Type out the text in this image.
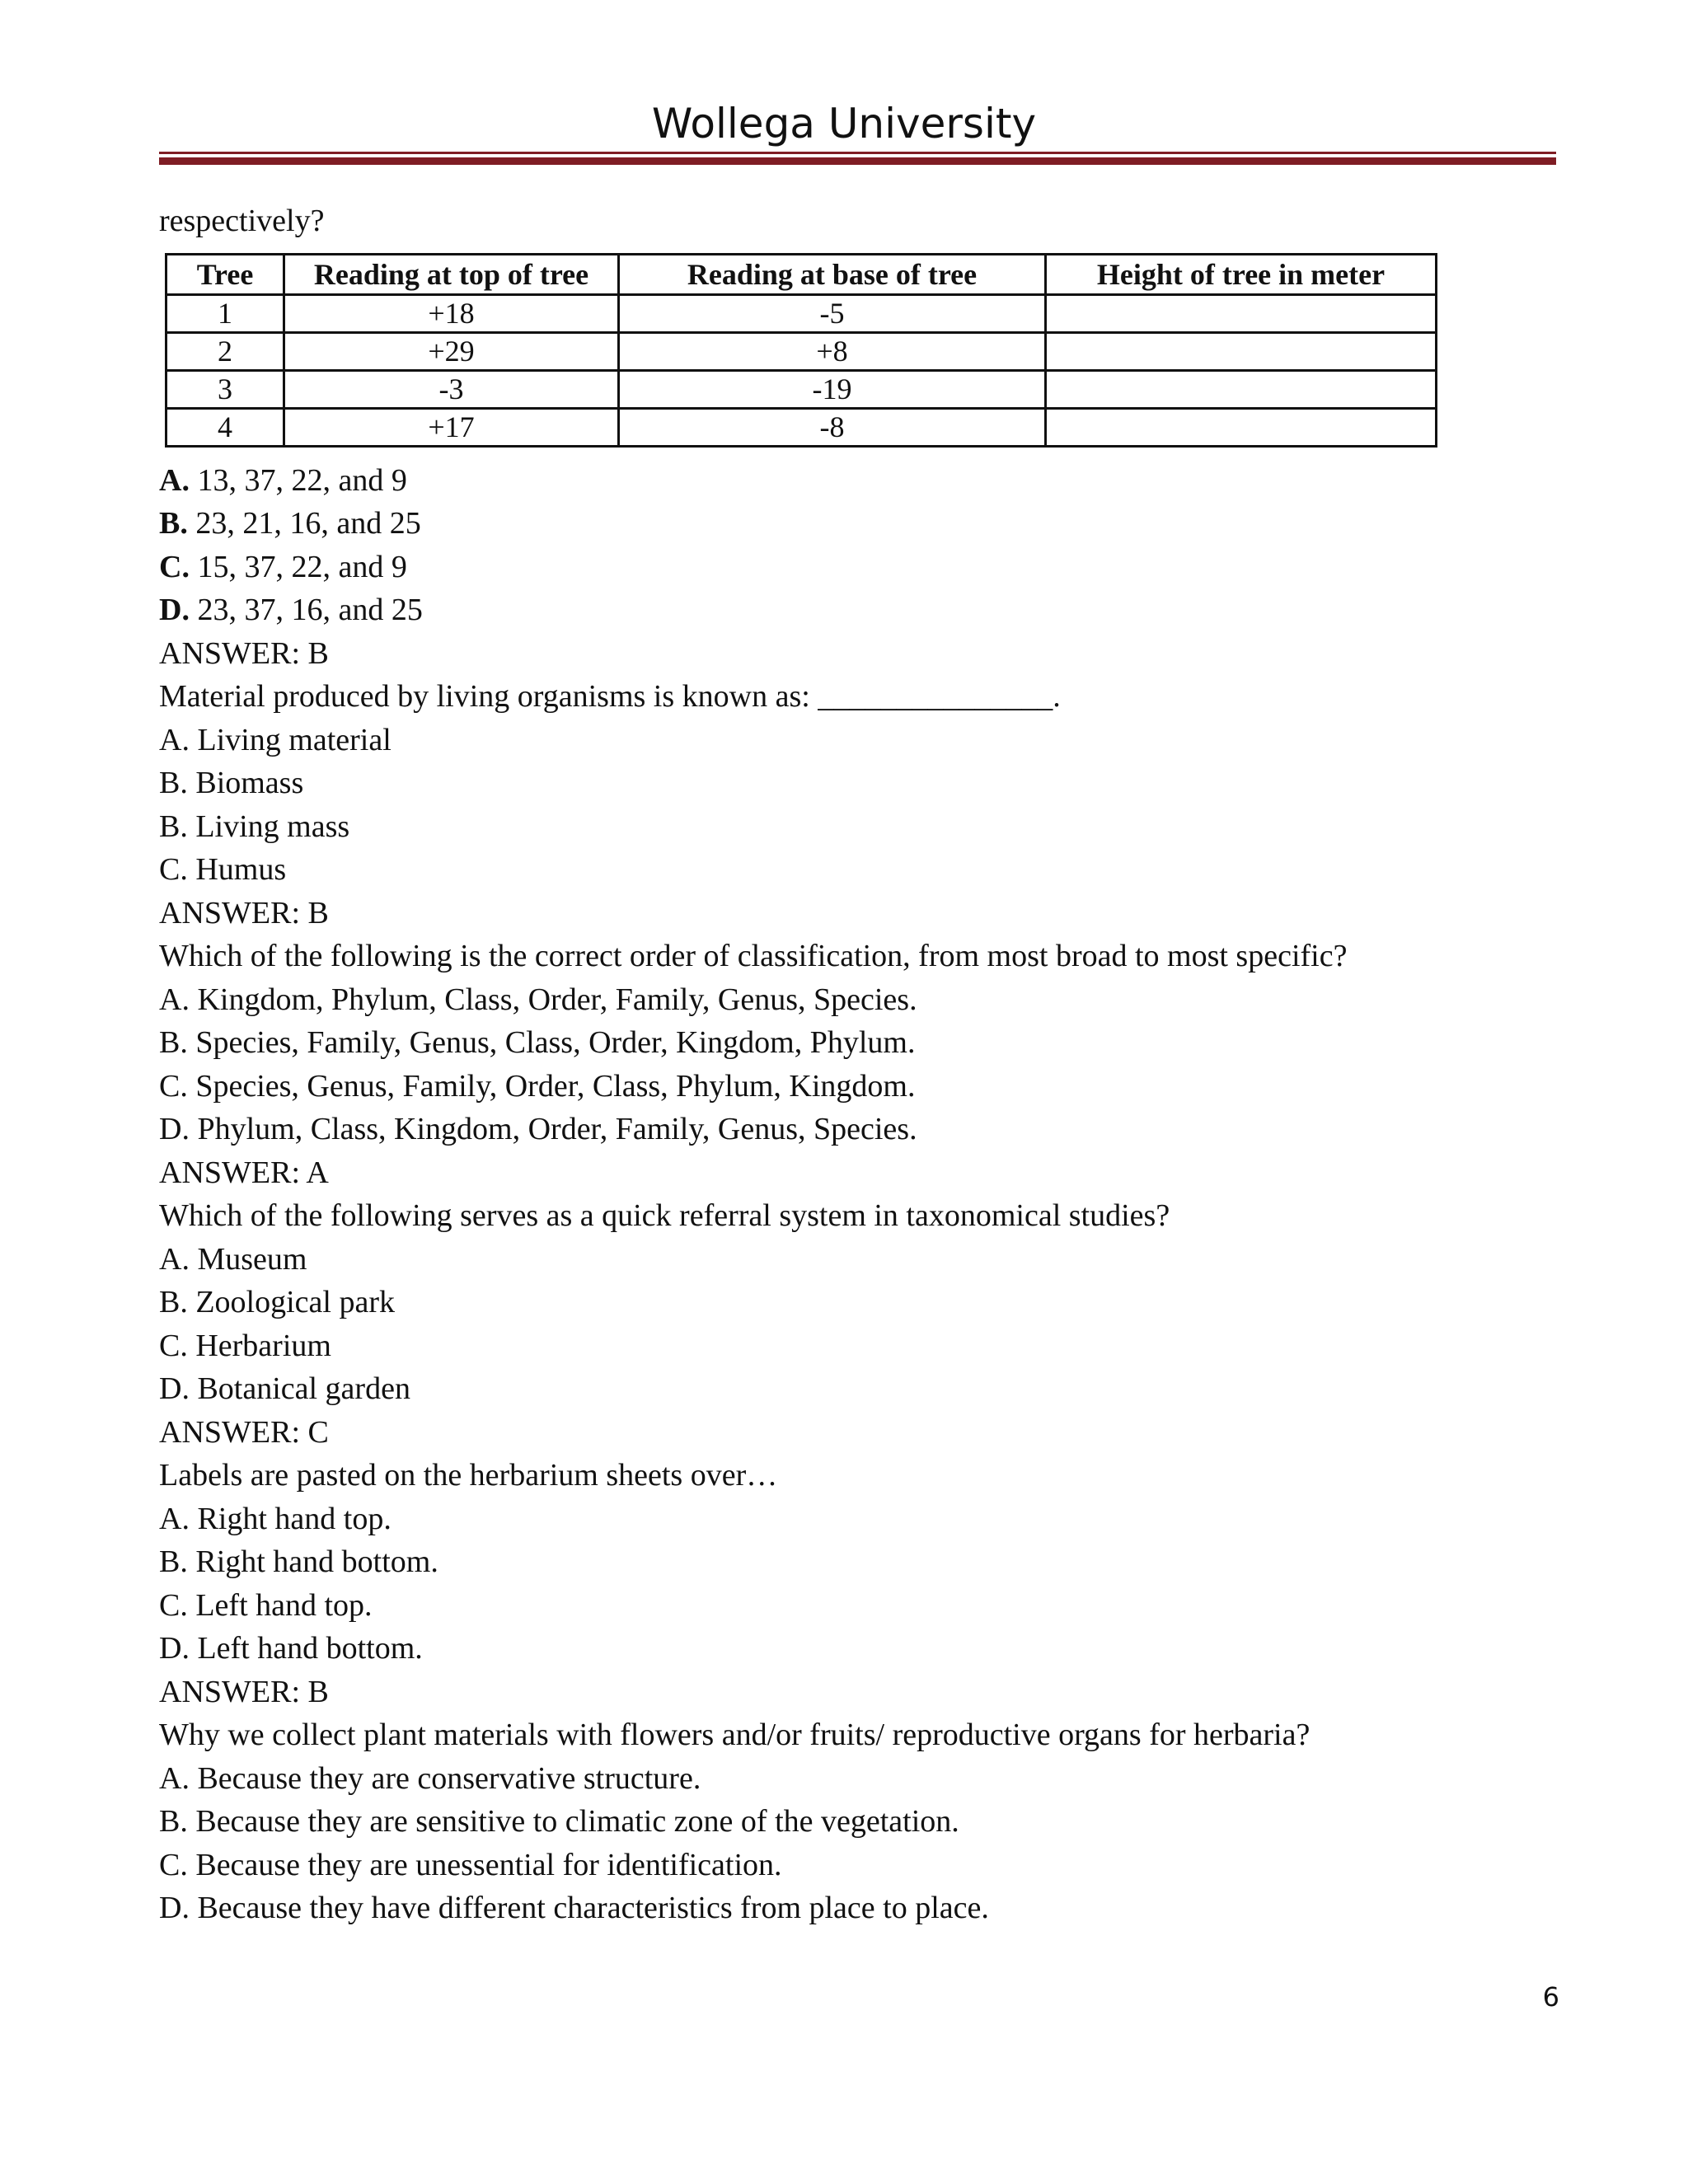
Wollega University
respectively?
Tree	Reading at top of tree	Reading at base of tree	Height of tree in meter
1	+18	-5	
2	+29	+8	
3	-3	-19	
4	+17	-8	
A. 13, 37, 22, and 9
B. 23, 21, 16, and 25
C. 15, 37, 22, and 9
D. 23, 37, 16, and 25
ANSWER: B
Material produced by living organisms is known as: _______________.
A. Living material
B. Biomass
B. Living mass
C. Humus
ANSWER: B
Which of the following is the correct order of classification, from most broad to most specific?
A. Kingdom, Phylum, Class, Order, Family, Genus, Species.
B. Species, Family, Genus, Class, Order, Kingdom, Phylum.
C. Species, Genus, Family, Order, Class, Phylum, Kingdom.
D. Phylum, Class, Kingdom, Order, Family, Genus, Species.
ANSWER: A
Which of the following serves as a quick referral system in taxonomical studies?
A. Museum
B. Zoological park
C. Herbarium
D. Botanical garden
ANSWER: C
Labels are pasted on the herbarium sheets over…
A. Right hand top.
B. Right hand bottom.
C. Left hand top.
D. Left hand bottom.
ANSWER: B
Why we collect plant materials with flowers and/or fruits/ reproductive organs for herbaria?
A. Because they are conservative structure.
B. Because they are sensitive to climatic zone of the vegetation.
C. Because they are unessential for identification.
D. Because they have different characteristics from place to place.
6
